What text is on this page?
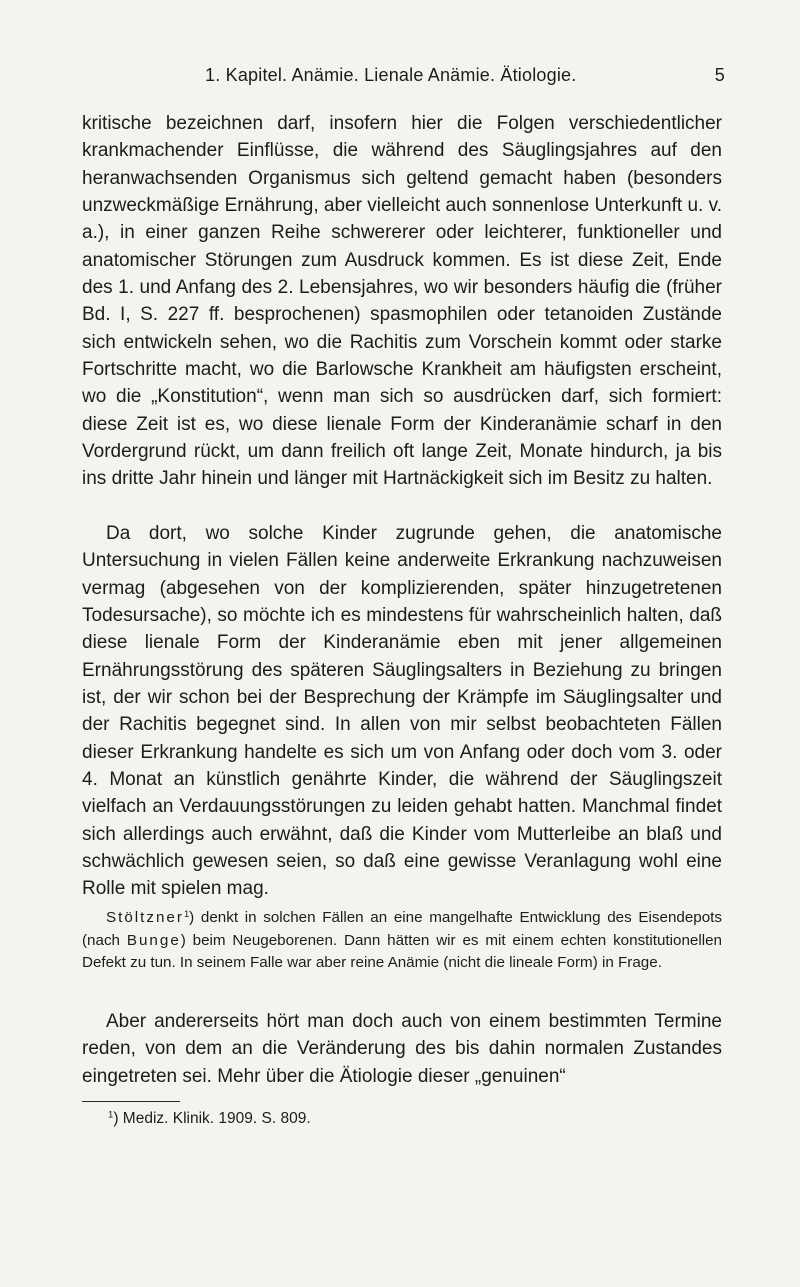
1. Kapitel. Anämie. Lienale Anämie. Ätiologie.	5

kritische bezeichnen darf, insofern hier die Folgen verschiedentlicher krankmachender Einflüsse, die während des Säuglingsjahres auf den heranwachsenden Organismus sich geltend gemacht haben (besonders unzweckmäßige Ernährung, aber vielleicht auch sonnenlose Unterkunft u. v. a.), in einer ganzen Reihe schwererer oder leichterer, funktioneller und anatomischer Störungen zum Ausdruck kommen. Es ist diese Zeit, Ende des 1. und Anfang des 2. Lebensjahres, wo wir besonders häufig die (früher Bd. I, S. 227 ff. besprochenen) spasmophilen oder tetanoiden Zustände sich entwickeln sehen, wo die Rachitis zum Vorschein kommt oder starke Fortschritte macht, wo die Barlowsche Krankheit am häufigsten erscheint, wo die „Konstitution“, wenn man sich so ausdrücken darf, sich formiert: diese Zeit ist es, wo diese lienale Form der Kinderanämie scharf in den Vordergrund rückt, um dann freilich oft lange Zeit, Monate hindurch, ja bis ins dritte Jahr hinein und länger mit Hartnäckigkeit sich im Besitz zu halten.

Da dort, wo solche Kinder zugrunde gehen, die anatomische Untersuchung in vielen Fällen keine anderweite Erkrankung nachzuweisen vermag (abgesehen von der komplizierenden, später hinzugetretenen Todesursache), so möchte ich es mindestens für wahrscheinlich halten, daß diese lienale Form der Kinderanämie eben mit jener allgemeinen Ernährungsstörung des späteren Säuglingsalters in Beziehung zu bringen ist, der wir schon bei der Besprechung der Krämpfe im Säuglingsalter und der Rachitis begegnet sind. In allen von mir selbst beobachteten Fällen dieser Erkrankung handelte es sich um von Anfang oder doch vom 3. oder 4. Monat an künstlich genährte Kinder, die während der Säuglingszeit vielfach an Verdauungsstörungen zu leiden gehabt hatten. Manchmal findet sich allerdings auch erwähnt, daß die Kinder vom Mutterleibe an blaß und schwächlich gewesen seien, so daß eine gewisse Veranlagung wohl eine Rolle mit spielen mag.

Stöltzner$^1$) denkt in solchen Fällen an eine mangelhafte Entwicklung des Eisendepots (nach Bunge) beim Neugeborenen. Dann hätten wir es mit einem echten konstitutionellen Defekt zu tun. In seinem Falle war aber reine Anämie (nicht die lineale Form) in Frage.

Aber andererseits hört man doch auch von einem bestimmten Termine reden, von dem an die Veränderung des bis dahin normalen Zustandes eingetreten sei. Mehr über die Ätiologie dieser „genuinen“

$^1$) Mediz. Klinik. 1909. S. 809.
